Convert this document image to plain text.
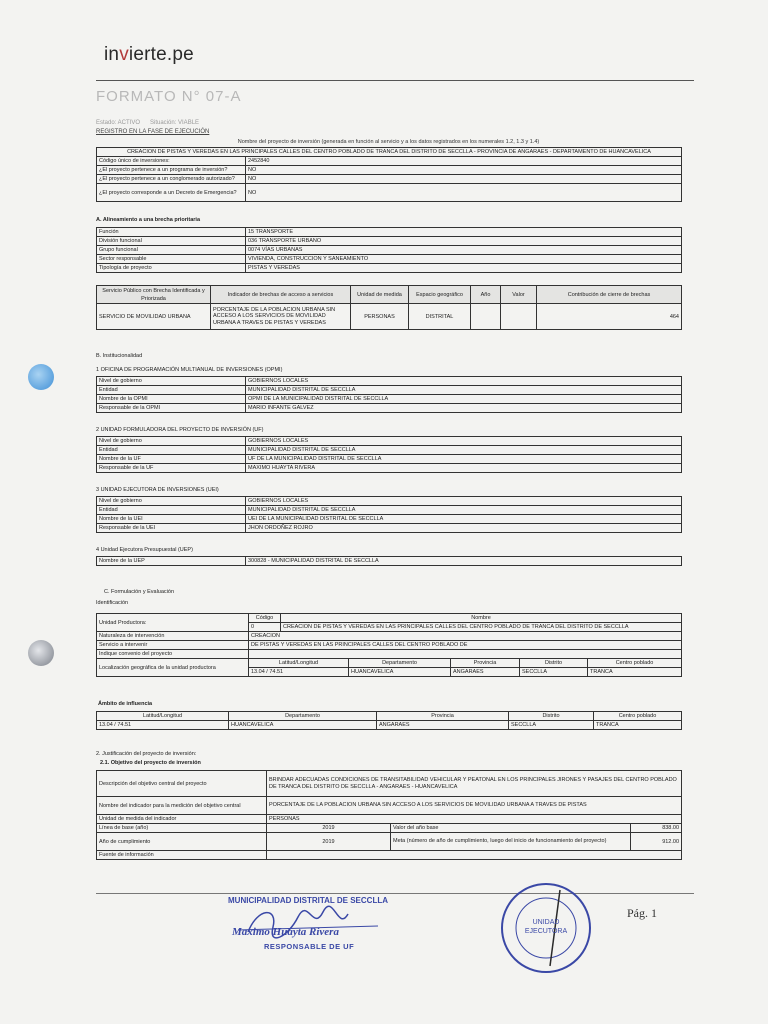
invierte.pe
FORMATO N° 07-A
Estado: ACTIVO Situación: VIABLE
REGISTRO EN LA FASE DE EJECUCIÓN
Nombre del proyecto de inversión (generada en función al servicio y a los datos registrados en los numerales 1.2, 1.3 y 1.4)
CREACION DE PISTAS Y VEREDAS EN LAS PRINCIPALES CALLES DEL CENTRO POBLADO DE TRANCA DEL DISTRITO DE SECCLLA - PROVINCIA DE ANGARAES - DEPARTAMENTO DE HUANCAVELICA	
Código único de inversiones:	2452840
¿El proyecto pertenece a un programa de inversión?	NO
¿El proyecto pertenece a un conglomerado autorizado?	NO
¿El proyecto corresponde a un Decreto de Emergencia?	NO
A. Alineamiento a una brecha prioritaria
Función	15 TRANSPORTE
División funcional	036 TRANSPORTE URBANO
Grupo funcional	0074 VÍAS URBANAS
Sector responsable	VIVIENDA, CONSTRUCCION Y SANEAMIENTO
Tipología de proyecto	PISTAS Y VEREDAS
Servicio Público con Brecha Identificada y Priorizada	Indicador de brechas de acceso a servicios	Unidad de medida	Espacio geográfico	Año	Valor	Contribución de cierre de brechas
SERVICIO DE MOVILIDAD URBANA	PORCENTAJE DE LA POBLACION URBANA SIN ACCESO A LOS SERVICIOS DE MOVILIDAD URBANA A TRAVES DE PISTAS Y VEREDAS	PERSONAS	DISTRITAL			464
B. Institucionalidad
1 OFICINA DE PROGRAMACIÓN MULTIANUAL DE INVERSIONES (OPMI)
Nivel de gobierno	GOBIERNOS LOCALES
Entidad	MUNICIPALIDAD DISTRITAL DE SECCLLA
Nombre de la OPMI	OPMI DE LA MUNICIPALIDAD DISTRITAL DE SECCLLA
Responsable de la OPMI	MARIO INFANTE GALVEZ
2 UNIDAD FORMULADORA DEL PROYECTO DE INVERSIÓN (UF)
Nivel de gobierno	GOBIERNOS LOCALES
Entidad	MUNICIPALIDAD DISTRITAL DE SECCLLA
Nombre de la UF	UF DE LA MUNICIPALIDAD DISTRITAL DE SECCLLA
Responsable de la UF	MAXIMO HUAYTA RIVERA
3 UNIDAD EJECUTORA DE INVERSIONES (UEI)
Nivel de gobierno	GOBIERNOS LOCALES
Entidad	MUNICIPALIDAD DISTRITAL DE SECCLLA
Nombre de la UEI	UEI DE LA MUNICIPALIDAD DISTRITAL DE SECCLLA
Responsable de la UEI	JHON ORDOÑEZ ROJRO
4 Unidad Ejecutora Presupuestal (UEP)
Nombre de la UEP	300828 - MUNICIPALIDAD DISTRITAL DE SECCLLA
C. Formulación y Evaluación
Identificación
Unidad Productora:	Código	Nombre				
	0	CREACION DE PISTAS Y VEREDAS EN LAS PRINCIPALES CALLES DEL CENTRO POBLADO DE TRANCA DEL DISTRITO DE SECCLLA				
Naturaleza de intervención	CREACION					
Servicio a intervenir	DE PISTAS Y VEREDAS EN LAS PRINCIPALES CALLES DEL CENTRO POBLADO DE					
Indique convenio del proyecto						
Localización geográfica de la unidad productora	Latitud/Longitud		Departamento	Provincia	Distrito	Centro poblado
	13.04 / 74.51		HUANCAVELICA	ANGARAES	SECCLLA	TRANCA
Ámbito de influencia
Latitud/Longitud	Departamento	Provincia	Distrito	Centro poblado
13.04 / 74.51	HUANCAVELICA	ANGARAES	SECCLLA	TRANCA
2. Justificación del proyecto de inversión:
2.1. Objetivo del proyecto de inversión
Descripción del objetivo central del proyecto	BRINDAR ADECUADAS CONDICIONES DE TRANSITABILIDAD VEHICULAR Y PEATONAL EN LOS PRINCIPALES JIRONES Y PASAJES DEL CENTRO POBLADO DE TRANCA DEL DISTRITO DE SECCLLA - ANGARAES - HUANCAVELICA		
Nombre del indicador para la medición del objetivo central	PORCENTAJE DE LA POBLACION URBANA SIN ACCESO A LOS SERVICIOS DE MOVILIDAD URBANA A TRAVES DE PISTAS		
Unidad de medida del indicador	PERSONAS		
Línea de base (año)	2019	Valor del año base	838.00
Año de cumplimiento	2019	Meta (número de año de cumplimiento, luego del inicio de funcionamiento del proyecto)	912.00
Fuente de información			
MUNICIPALIDAD DISTRITAL DE SECCLLA
Maximo Huayta Rivera
RESPONSABLE DE UF
UNIDAD EJECUTORA
Pág. 1
